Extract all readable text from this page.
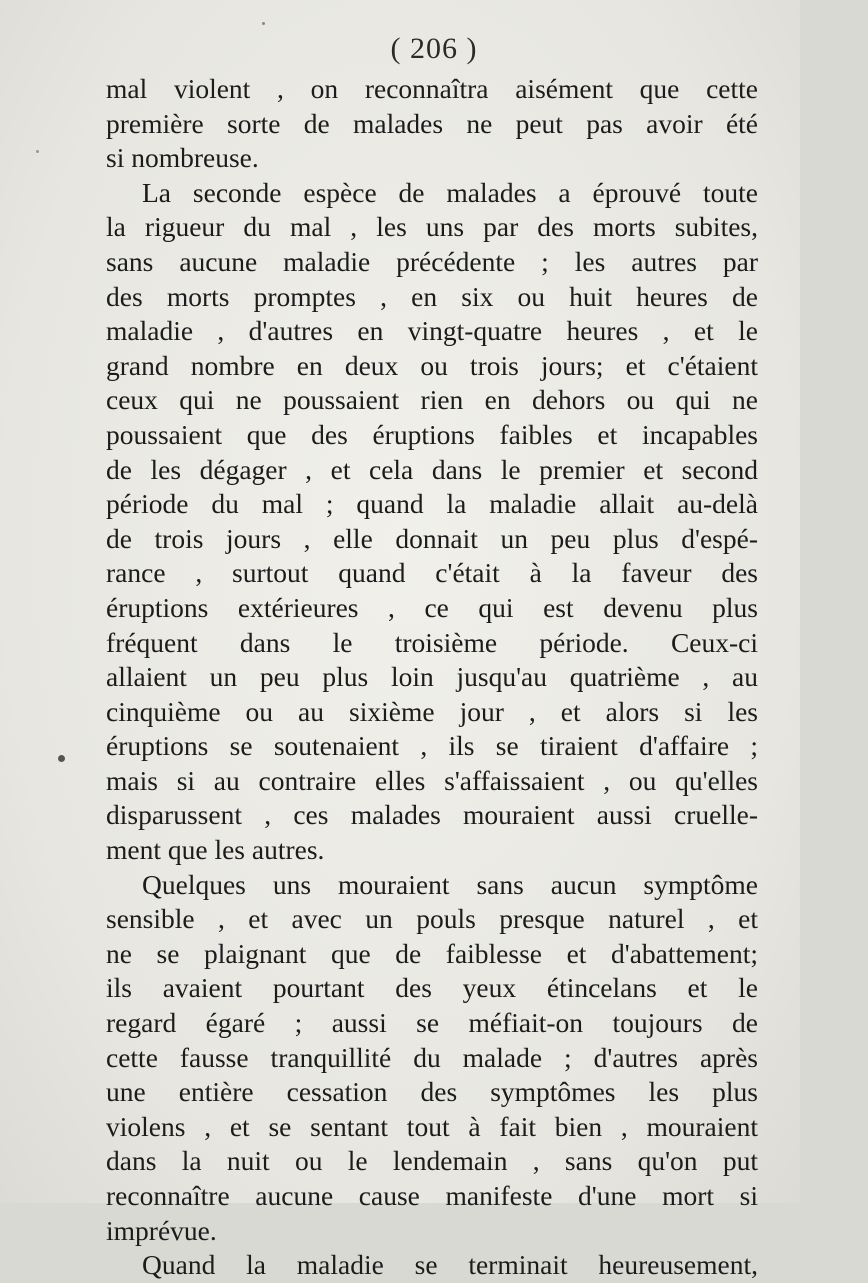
( 206 )
mal violent , on reconnaîtra aisément que cette
première sorte de malades ne peut pas avoir été
si nombreuse.
La seconde espèce de malades a éprouvé toute
la rigueur du mal , les uns par des morts subites,
sans aucune maladie précédente ; les autres par
des morts promptes , en six ou huit heures de
maladie , d'autres en vingt-quatre heures , et le
grand nombre en deux ou trois jours; et c'étaient
ceux qui ne poussaient rien en dehors ou qui ne
poussaient que des éruptions faibles et incapables
de les dégager , et cela dans le premier et second
période du mal ; quand la maladie allait au-delà
de trois jours , elle donnait un peu plus d'espé-
rance , surtout quand c'était à la faveur des
éruptions extérieures , ce qui est devenu plus
fréquent dans le troisième période. Ceux-ci
allaient un peu plus loin jusqu'au quatrième , au
cinquième ou au sixième jour , et alors si les
éruptions se soutenaient , ils se tiraient d'affaire ;
mais si au contraire elles s'affaissaient , ou qu'elles
disparussent , ces malades mouraient aussi cruelle-
ment que les autres.
Quelques uns mouraient sans aucun symptôme
sensible , et avec un pouls presque naturel , et
ne se plaignant que de faiblesse et d'abattement;
ils avaient pourtant des yeux étincelans et le
regard égaré ; aussi se méfiait-on toujours de
cette fausse tranquillité du malade ; d'autres après
une entière cessation des symptômes les plus
violens , et se sentant tout à fait bien , mouraient
dans la nuit ou le lendemain , sans qu'on put
reconnaître aucune cause manifeste d'une mort si
imprévue.
Quand la maladie se terminait heureusement,
